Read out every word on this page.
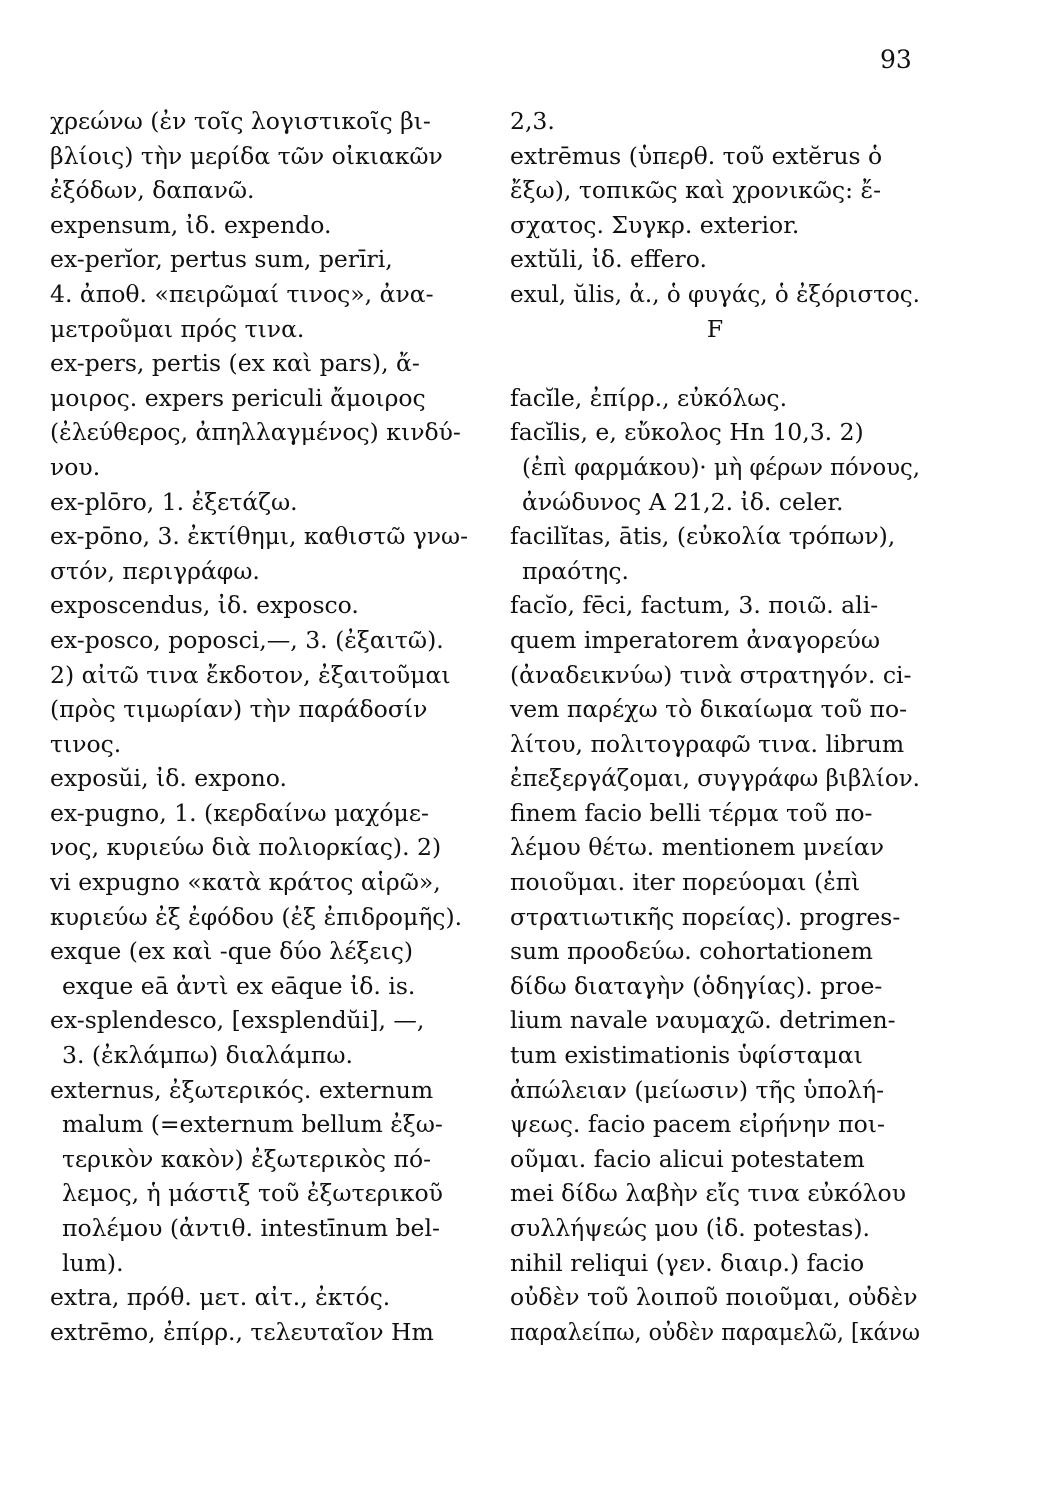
93
χρεώνω (ἐν τοῖς λογιστικοῖς βι-
βλίοις) τὴν μερίδα τῶν οἰκιακῶν
ἐξόδων, δαπανῶ.
expensum, ἰδ. expendo.
ex-perĭor, pertus sum, perīri,
4. ἀποθ. «πειρῶμαί τινος», ἀνα-
μετροῦμαι πρός τινα.
ex-pers, pertis (ex καὶ pars), ἄ-
μοιρος. expers periculi ἄμοιρος
(ἐλεύθερος, ἀπηλλαγμένος) κινδύ-
νου.
ex-plōro, 1. ἐξετάζω.
ex-pōno, 3. ἐκτίθημι, καθιστῶ γνω-
στόν, περιγράφω.
exposcendus, ἰδ. exposco.
ex-posco, poposci,—, 3. (ἐξαιτῶ).
2) αἰτῶ τινα ἔκδοτον, ἐξαιτοῦμαι
(πρὸς τιμωρίαν) τὴν παράδοσίν
τινος.
exposŭi, ἰδ. expono.
ex-pugno, 1. (κερδαίνω μαχόμε-
νος, κυριεύω διὰ πολιορκίας). 2)
vi expugno «κατὰ κράτος αἱρῶ»,
κυριεύω ἐξ ἐφόδου (ἐξ ἐπιδρομῆς).
exque (ex καὶ -que δύο λέξεις)
exque eā ἀντὶ ex eāque ἰδ. is.
ex-splendesco, [exsplendŭi], —,
3. (ἐκλάμπω) διαλάμπω.
externus, ἐξωτερικός. externum
malum (=externum bellum ἐξω-
τερικὸν κακὸν) ἐξωτερικὸς πό-
λεμος, ἡ μάστιξ τοῦ ἐξωτερικοῦ
πολέμου (ἀντιθ. intestīnum bel-
lum).
extra, πρόθ. μετ. αἰτ., ἐκτός.
extrēmo, ἐπίρρ., τελευταῖον Hm
2,3.
extrēmus (ὑπερθ. τοῦ extĕrus ὁ
ἔξω), τοπικῶς καὶ χρονικῶς: ἔ-
σχατος. Συγκρ. exterior.
extŭli, ἰδ. effero.
exul, ŭlis, ἀ., ὁ φυγάς, ὁ ἐξόριστος.
F
facĭle, ἐπίρρ., εὐκόλως.
facĭlis, e, εὔκολος Hn 10,3. 2)
(ἐπὶ φαρμάκου)· μὴ φέρων πόνους,
ἀνώδυνος A 21,2. ἰδ. celer.
facilĭtas, ātis, (εὐκολία τρόπων),
πραότης.
facĭo, fēci, factum, 3. ποιῶ. ali-
quem imperatorem ἀναγορεύω
(ἀναδεικνύω) τινὰ στρατηγόν. ci-
vem παρέχω τὸ δικαίωμα τοῦ πο-
λίτου, πολιτογραφῶ τινα. librum
ἐπεξεργάζομαι, συγγράφω βιβλίον.
finem facio belli τέρμα τοῦ πο-
λέμου θέτω. mentionem μνείαν
ποιοῦμαι. iter πορεύομαι (ἐπὶ
στρατιωτικῆς πορείας). progres-
sum προοδεύω. cohortationem
δίδω διαταγὴν (ὁδηγίας). proe-
lium navale ναυμαχῶ. detrimen-
tum existimationis ὑφίσταμαι
ἀπώλειαν (μείωσιν) τῆς ὑπολή-
ψεως. facio pacem εἰρήνην ποι-
οῦμαι. facio alicui potestatem
mei δίδω λαβὴν εἴς τινα εὐκόλου
συλλήψεώς μου (ἰδ. potestas).
nihil reliqui (γεν. διαιρ.) facio
οὐδὲν τοῦ λοιποῦ ποιοῦμαι, οὐδὲν
παραλείπω, οὐδὲν παραμελῶ, [κάνω
